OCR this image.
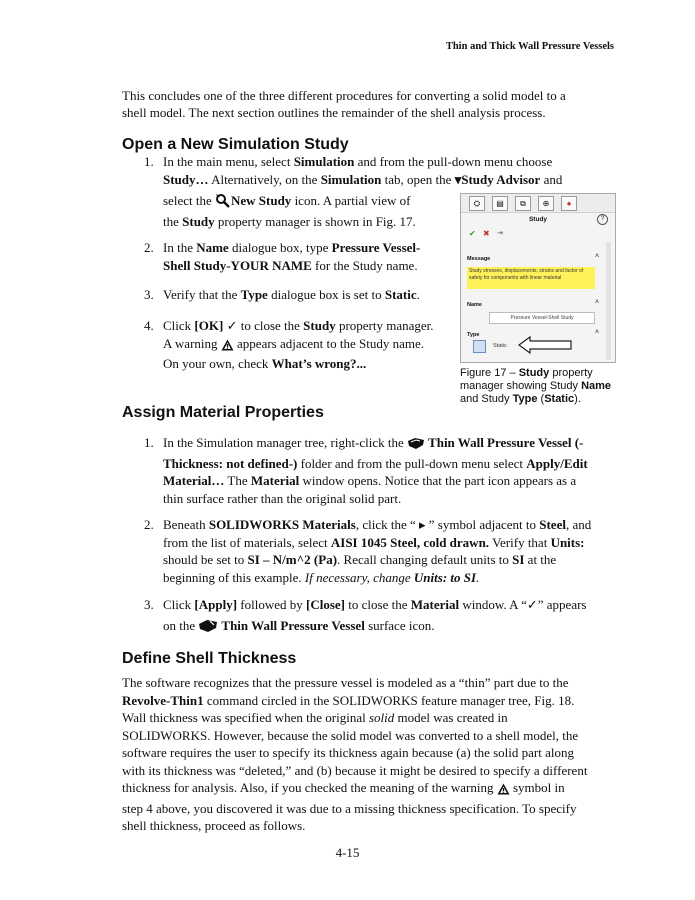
Thin and Thick Wall Pressure Vessels
This concludes one of the three different procedures for converting a solid model to a
shell model. The next section outlines the remainder of the shell analysis process.
Open a New Simulation Study
1. In the main menu, select Simulation and from the pull-down menu choose
Study… Alternatively, on the Simulation tab, open the ▾Study Advisor and
select the New Study icon. A partial view of
the Study property manager is shown in Fig. 17.
2. In the Name dialogue box, type Pressure Vessel-
Shell Study-YOUR NAME for the Study name.
3. Verify that the Type dialogue box is set to Static.
4. Click [OK] ✓ to close the Study property manager.
A warning  appears adjacent to the Study name.
On your own, check What’s wrong?...
⛭	▤	⧉	⊕	●
Study	?
✔ ✖ ⇥
Message	˄
Study stresses, displacements, strains and factor of safety for components with linear material
Name	˄
Pressure Vessel-Shell Study
Type	˄
Static
Figure 17 – Study property
manager showing Study Name
and Study Type (Static).
Assign Material Properties
1. In the Simulation manager tree, right-click the  Thin Wall Pressure Vessel (-
Thickness: not defined-) folder and from the pull-down menu select Apply/Edit
Material… The Material window opens. Notice that the part icon appears as a
thin surface rather than the original solid part.
2. Beneath SOLIDWORKS Materials, click the “ ▸ ” symbol adjacent to Steel, and
from the list of materials, select AISI 1045 Steel, cold drawn. Verify that Units:
should be set to SI – N/m^2 (Pa). Recall changing default units to SI at the
beginning of this example. If necessary, change Units: to SI.
3. Click [Apply] followed by [Close] to close the Material window. A “✓” appears
on the  Thin Wall Pressure Vessel surface icon.
Define Shell Thickness
The software recognizes that the pressure vessel is modeled as a “thin” part due to the
Revolve-Thin1 command circled in the SOLIDWORKS feature manager tree, Fig. 18.
Wall thickness was specified when the original solid model was created in
SOLIDWORKS. However, because the solid model was converted to a shell model, the
software requires the user to specify its thickness again because (a) the solid part along
with its thickness was “deleted,” and (b) because it might be desired to specify a different
thickness for analysis. Also, if you checked the meaning of the warning  symbol in
step 4 above, you discovered it was due to a missing thickness specification. To specify
shell thickness, proceed as follows.
4-15
